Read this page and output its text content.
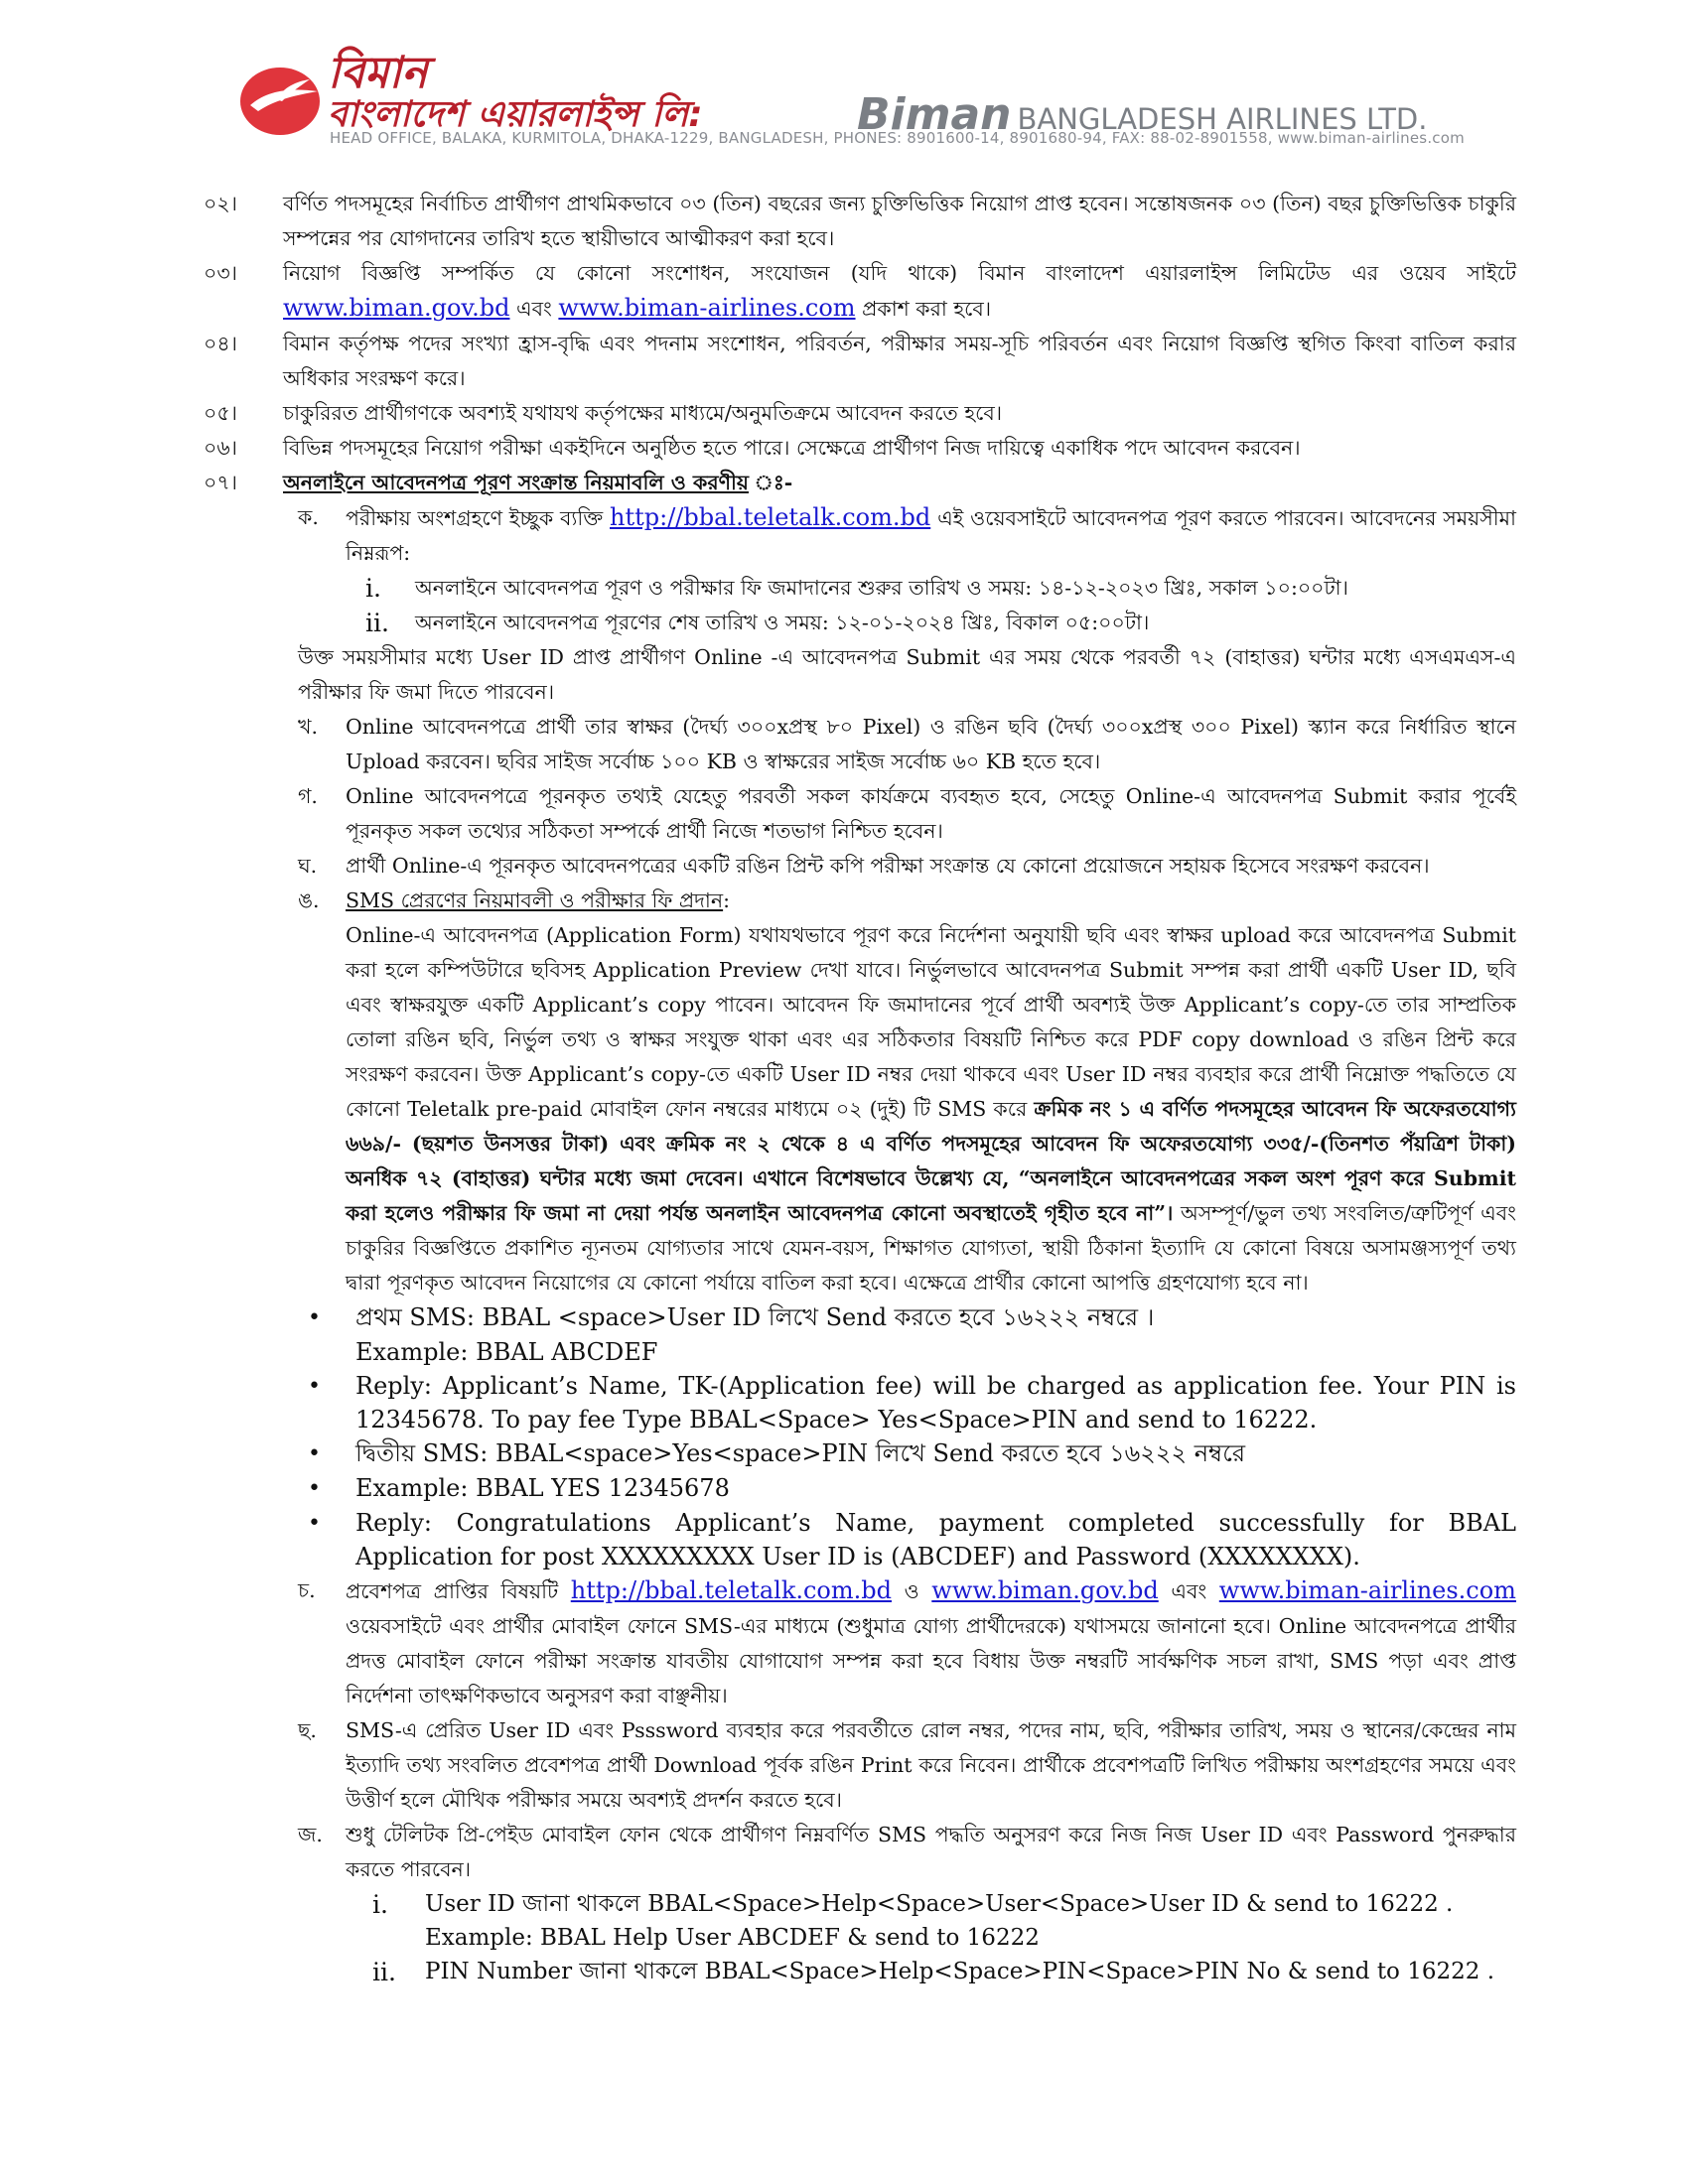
বিমান
বাংলাদেশ এয়ারলাইন্স লি:	Biman BANGLADESH AIRLINES LTD.
HEAD OFFICE, BALAKA, KURMITOLA, DHAKA-1229, BANGLADESH, PHONES: 8901600-14, 8901680-94, FAX: 88-02-8901558, www.biman-airlines.com
০২।	বর্ণিত পদসমূহের নির্বাচিত প্রার্থীগণ প্রাথমিকভাবে ০৩ (তিন) বছরের জন্য চুক্তিভিত্তিক নিয়োগ প্রাপ্ত হবেন। সন্তোষজনক ০৩ (তিন) বছর চুক্তিভিত্তিক চাকুরি সম্পন্নের পর যোগদানের তারিখ হতে স্থায়ীভাবে আত্মীকরণ করা হবে।
০৩।	নিয়োগ বিজ্ঞপ্তি সম্পর্কিত যে কোনো সংশোধন, সংযোজন (যদি থাকে) বিমান বাংলাদেশ এয়ারলাইন্স লিমিটেড এর ওয়েব সাইটে www.biman.gov.bd এবং www.biman-airlines.com প্রকাশ করা হবে।
০৪।	বিমান কর্তৃপক্ষ পদের সংখ্যা হ্রাস-বৃদ্ধি এবং পদনাম সংশোধন, পরিবর্তন, পরীক্ষার সময়-সূচি পরিবর্তন এবং নিয়োগ বিজ্ঞপ্তি স্থগিত কিংবা বাতিল করার অধিকার সংরক্ষণ করে।
০৫।	চাকুরিরত প্রার্থীগণকে অবশ্যই যথাযথ কর্তৃপক্ষের মাধ্যমে/অনুমতিক্রমে আবেদন করতে হবে।
০৬।	বিভিন্ন পদসমূহের নিয়োগ পরীক্ষা একইদিনে অনুষ্ঠিত হতে পারে। সেক্ষেত্রে প্রার্থীগণ নিজ দায়িত্বে একাধিক পদে আবেদন করবেন।
০৭।	অনলাইনে আবেদনপত্র পূরণ সংক্রান্ত নিয়মাবলি ও করণীয় ঃ-
ক.	পরীক্ষায় অংশগ্রহণে ইচ্ছুক ব্যক্তি http://bbal.teletalk.com.bd এই ওয়েবসাইটে আবেদনপত্র পূরণ করতে পারবেন। আবেদনের সময়সীমা নিম্নরূপ:
i.	অনলাইনে আবেদনপত্র পূরণ ও পরীক্ষার ফি জমাদানের শুরুর তারিখ ও সময়: ১৪-১২-২০২৩ খ্রিঃ, সকাল ১০:০০টা।
ii.	অনলাইনে আবেদনপত্র পূরণের শেষ তারিখ ও সময়: ১২-০১-২০২৪ খ্রিঃ, বিকাল ০৫:০০টা।
উক্ত সময়সীমার মধ্যে User ID প্রাপ্ত প্রার্থীগণ Online -এ আবেদনপত্র Submit এর সময় থেকে পরবর্তী ৭২ (বাহাত্তর) ঘন্টার মধ্যে এসএমএস-এ পরীক্ষার ফি জমা দিতে পারবেন।
খ.	Online আবেদনপত্রে প্রার্থী তার স্বাক্ষর (দৈর্ঘ্য ৩০০xপ্রস্থ ৮০ Pixel) ও রঙিন ছবি (দৈর্ঘ্য ৩০০xপ্রস্থ ৩০০ Pixel) স্ক্যান করে নির্ধারিত স্থানে Upload করবেন। ছবির সাইজ সর্বোচ্চ ১০০ KB ও স্বাক্ষরের সাইজ সর্বোচ্চ ৬০ KB হতে হবে।
গ.	Online আবেদনপত্রে পূরনকৃত তথ্যই যেহেতু পরবর্তী সকল কার্যক্রমে ব্যবহৃত হবে, সেহেতু Online-এ আবেদনপত্র Submit করার পূর্বেই পূরনকৃত সকল তথ্যের সঠিকতা সম্পর্কে প্রার্থী নিজে শতভাগ নিশ্চিত হবেন।
ঘ.	প্রার্থী Online-এ পূরনকৃত আবেদনপত্রের একটি রঙিন প্রিন্ট কপি পরীক্ষা সংক্রান্ত যে কোনো প্রয়োজনে সহায়ক হিসেবে সংরক্ষণ করবেন।
ঙ.	SMS প্রেরণের নিয়মাবলী ও পরীক্ষার ফি প্রদান:
Online-এ আবেদনপত্র (Application Form) যথাযথভাবে পূরণ করে নির্দেশনা অনুযায়ী ছবি এবং স্বাক্ষর upload করে আবেদনপত্র Submit করা হলে কম্পিউটারে ছবিসহ Application Preview দেখা যাবে। নির্ভুলভাবে আবেদনপত্র Submit সম্পন্ন করা প্রার্থী একটি User ID, ছবি এবং স্বাক্ষরযুক্ত একটি Applicant’s copy পাবেন। আবেদন ফি জমাদানের পূর্বে প্রার্থী অবশ্যই উক্ত Applicant’s copy-তে তার সাম্প্রতিক তোলা রঙিন ছবি, নির্ভুল তথ্য ও স্বাক্ষর সংযুক্ত থাকা এবং এর সঠিকতার বিষয়টি নিশ্চিত করে PDF copy download ও রঙিন প্রিন্ট করে সংরক্ষণ করবেন। উক্ত Applicant’s copy-তে একটি User ID নম্বর দেয়া থাকবে এবং User ID নম্বর ব্যবহার করে প্রার্থী নিম্নোক্ত পদ্ধতিতে যে কোনো Teletalk pre-paid মোবাইল ফোন নম্বরের মাধ্যমে ০২ (দুই) টি SMS করে ক্রমিক নং ১ এ বর্ণিত পদসমূহের আবেদন ফি অফেরতযোগ্য ৬৬৯/- (ছয়শত উনসত্তর টাকা) এবং ক্রমিক নং ২ থেকে ৪ এ বর্ণিত পদসমূহের আবেদন ফি অফেরতযোগ্য ৩৩৫/-(তিনশত পঁয়ত্রিশ টাকা) অনধিক ৭২ (বাহাত্তর) ঘন্টার মধ্যে জমা দেবেন। এখানে বিশেষভাবে উল্লেখ্য যে, “অনলাইনে আবেদনপত্রের সকল অংশ পূরণ করে Submit করা হলেও পরীক্ষার ফি জমা না দেয়া পর্যন্ত অনলাইন আবেদনপত্র কোনো অবস্থাতেই গৃহীত হবে না”। অসম্পূর্ণ/ভুল তথ্য সংবলিত/ত্রুটিপূর্ণ এবং চাকুরির বিজ্ঞপ্তিতে প্রকাশিত ন্যূনতম যোগ্যতার সাথে যেমন-বয়স, শিক্ষাগত যোগ্যতা, স্থায়ী ঠিকানা ইত্যাদি যে কোনো বিষয়ে অসামঞ্জস্যপূর্ণ তথ্য দ্বারা পূরণকৃত আবেদন নিয়োগের যে কোনো পর্যায়ে বাতিল করা হবে। এক্ষেত্রে প্রার্থীর কোনো আপত্তি গ্রহণযোগ্য হবে না।
•	প্রথম SMS: BBAL <space>User ID লিখে Send করতে হবে ১৬২২২ নম্বরে ।
Example: BBAL ABCDEF
•	Reply: Applicant’s Name, TK-(Application fee) will be charged as application fee. Your PIN is 12345678. To pay fee Type BBAL<Space> Yes<Space>PIN and send to 16222.
•	দ্বিতীয় SMS: BBAL<space>Yes<space>PIN লিখে Send করতে হবে ১৬২২২ নম্বরে
•	Example: BBAL YES 12345678
•	Reply: Congratulations Applicant’s Name, payment completed successfully for BBAL Application for post XXXXXXXXX User ID is (ABCDEF) and Password (XXXXXXXX).
চ.	প্রবেশপত্র প্রাপ্তির বিষয়টি http://bbal.teletalk.com.bd ও www.biman.gov.bd এবং www.biman-airlines.com ওয়েবসাইটে এবং প্রার্থীর মোবাইল ফোনে SMS-এর মাধ্যমে (শুধুমাত্র যোগ্য প্রার্থীদেরকে) যথাসময়ে জানানো হবে। Online আবেদনপত্রে প্রার্থীর প্রদত্ত মোবাইল ফোনে পরীক্ষা সংক্রান্ত যাবতীয় যোগাযোগ সম্পন্ন করা হবে বিধায় উক্ত নম্বরটি সার্বক্ষণিক সচল রাখা, SMS পড়া এবং প্রাপ্ত নির্দেশনা তাৎক্ষণিকভাবে অনুসরণ করা বাঞ্ছনীয়।
ছ.	SMS-এ প্রেরিত User ID এবং Psssword ব্যবহার করে পরবর্তীতে রোল নম্বর, পদের নাম, ছবি, পরীক্ষার তারিখ, সময় ও স্থানের/কেন্দ্রের নাম ইত্যাদি তথ্য সংবলিত প্রবেশপত্র প্রার্থী Download পূর্বক রঙিন Print করে নিবেন। প্রার্থীকে প্রবেশপত্রটি লিখিত পরীক্ষায় অংশগ্রহণের সময়ে এবং উত্তীর্ণ হলে মৌখিক পরীক্ষার সময়ে অবশ্যই প্রদর্শন করতে হবে।
জ.	শুধু টেলিটক প্রি-পেইড মোবাইল ফোন থেকে প্রার্থীগণ নিম্নবর্ণিত SMS পদ্ধতি অনুসরণ করে নিজ নিজ User ID এবং Password পুনরুদ্ধার করতে পারবেন।
i.	User ID জানা থাকলে BBAL<Space>Help<Space>User<Space>User ID & send to 16222 .
Example: BBAL Help User ABCDEF & send to 16222
ii.	PIN Number জানা থাকলে BBAL<Space>Help<Space>PIN<Space>PIN No & send to 16222 .
